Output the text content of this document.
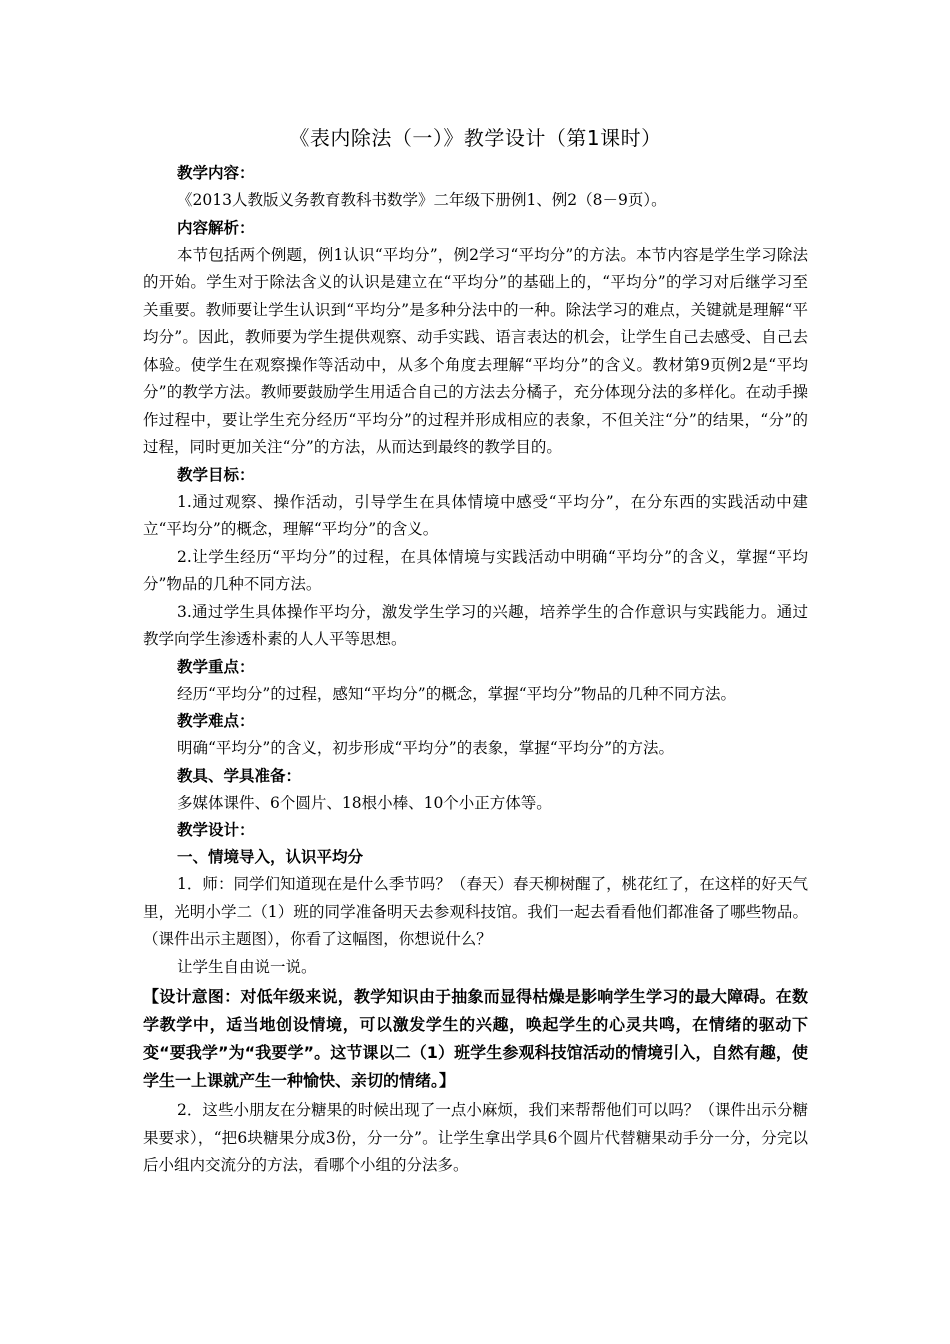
《表内除法（一）》教学设计（第1课时）

教学内容：

《2013人教版义务教育教科书数学》二年级下册例1、例2（8－9页）。

内容解析：

本节包括两个例题，例1认识“平均分”，例2学习“平均分”的方法。本节内容是学生学习除法的开始。学生对于除法含义的认识是建立在“平均分”的基础上的，“平均分”的学习对后继学习至关重要。教师要让学生认识到“平均分”是多种分法中的一种。除法学习的难点，关键就是理解“平均分”。因此，教师要为学生提供观察、动手实践、语言表达的机会，让学生自己去感受、自己去体验。使学生在观察操作等活动中，从多个角度去理解“平均分”的含义。教材第9页例2是“平均分”的教学方法。教师要鼓励学生用适合自己的方法去分橘子，充分体现分法的多样化。在动手操作过程中，要让学生充分经历“平均分”的过程并形成相应的表象，不但关注“分”的结果，“分”的过程，同时更加关注“分”的方法，从而达到最终的教学目的。

教学目标：

1.通过观察、操作活动，引导学生在具体情境中感受“平均分”，在分东西的实践活动中建立“平均分”的概念，理解“平均分”的含义。

2.让学生经历“平均分”的过程，在具体情境与实践活动中明确“平均分”的含义，掌握“平均分”物品的几种不同方法。

3.通过学生具体操作平均分，激发学生学习的兴趣，培养学生的合作意识与实践能力。通过教学向学生渗透朴素的人人平等思想。

教学重点：

经历“平均分”的过程，感知“平均分”的概念，掌握“平均分”物品的几种不同方法。

教学难点：

明确“平均分”的含义，初步形成“平均分”的表象，掌握“平均分”的方法。

教具、学具准备：

多媒体课件、6个圆片、18根小棒、10个小正方体等。

教学设计：

一、情境导入，认识平均分

1．师：同学们知道现在是什么季节吗？（春天）春天柳树醒了，桃花红了，在这样的好天气里，光明小学二（1）班的同学准备明天去参观科技馆。我们一起去看看他们都准备了哪些物品。（课件出示主题图），你看了这幅图，你想说什么？

让学生自由说一说。

【设计意图：对低年级来说，教学知识由于抽象而显得枯燥是影响学生学习的最大障碍。在数学教学中，适当地创设情境，可以激发学生的兴趣，唤起学生的心灵共鸣，在情绪的驱动下变“要我学”为“我要学”。这节课以二（1）班学生参观科技馆活动的情境引入，自然有趣，使学生一上课就产生一种愉快、亲切的情绪。】

2．这些小朋友在分糖果的时候出现了一点小麻烦，我们来帮帮他们可以吗？（课件出示分糖果要求），“把6块糖果分成3份，分一分”。让学生拿出学具6个圆片代替糖果动手分一分，分完以后小组内交流分的方法，看哪个小组的分法多。
